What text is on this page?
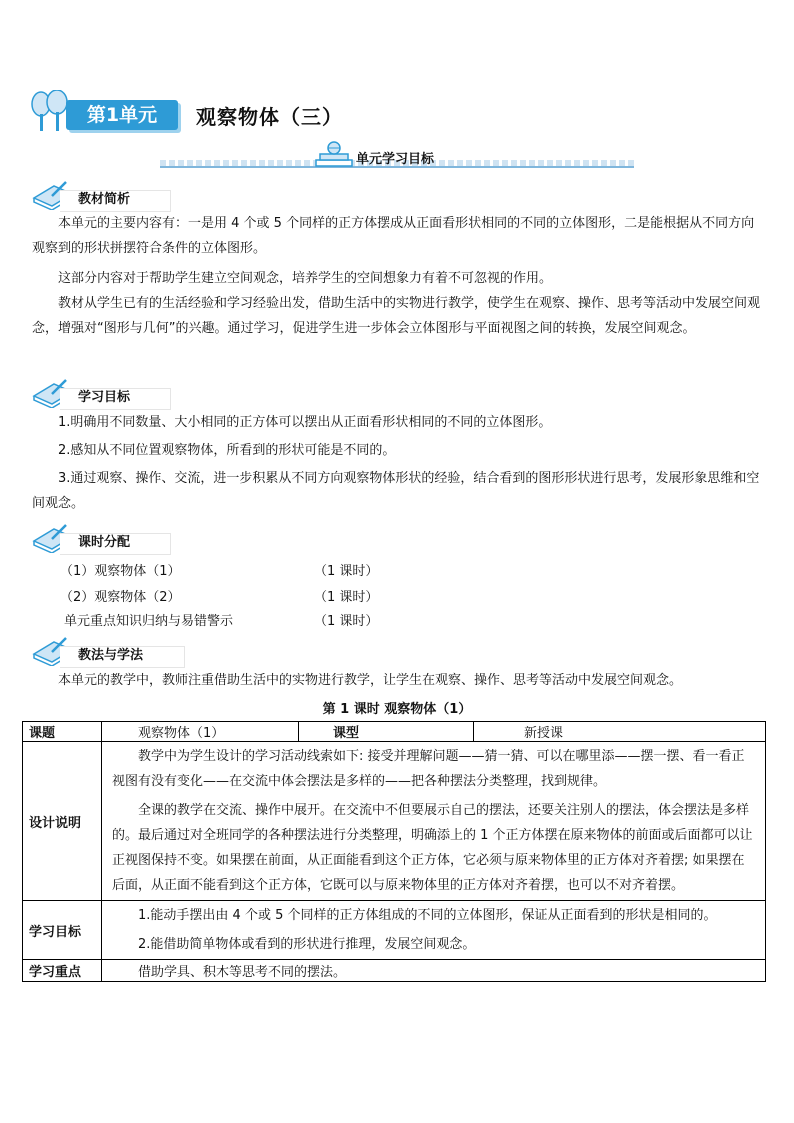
第1单元	观察物体（三）
单元学习目标
教材简析
本单元的主要内容有：一是用 4 个或 5 个同样的正方体摆成从正面看形状相同的不同的立体图形，二是能根据从不同方向观察到的形状拼摆符合条件的立体图形。
这部分内容对于帮助学生建立空间观念，培养学生的空间想象力有着不可忽视的作用。
教材从学生已有的生活经验和学习经验出发，借助生活中的实物进行教学，使学生在观察、操作、思考等活动中发展空间观念，增强对“图形与几何”的兴趣。通过学习，促进学生进一步体会立体图形与平面视图之间的转换，发展空间观念。
学习目标
1.明确用不同数量、大小相同的正方体可以摆出从正面看形状相同的不同的立体图形。
2.感知从不同位置观察物体，所看到的形状可能是不同的。
3.通过观察、操作、交流，进一步积累从不同方向观察物体形状的经验，结合看到的图形形状进行思考，发展形象思维和空间观念。
课时分配
（1）观察物体（1）	（1 课时）
（2）观察物体（2）	（1 课时）
单元重点知识归纳与易错警示	（1 课时）
教法与学法
本单元的教学中，教师注重借助生活中的实物进行教学，让学生在观察、操作、思考等活动中发展空间观念。
第 1 课时 观察物体（1）
课题	观察物体（1）	课型	新授课
设计说明	教学中为学生设计的学习活动线索如下: 接受并理解问题——猜一猜、可以在哪里添——摆一摆、看一看正视图有没有变化——在交流中体会摆法是多样的——把各种摆法分类整理，找到规律。
全课的教学在交流、操作中展开。在交流中不但要展示自己的摆法，还要关注别人的摆法，体会摆法是多样的。最后通过对全班同学的各种摆法进行分类整理，明确添上的 1 个正方体摆在原来物体的前面或后面都可以让正视图保持不变。如果摆在前面，从正面能看到这个正方体，它必须与原来物体里的正方体对齐着摆; 如果摆在后面，从正面不能看到这个正方体，它既可以与原来物体里的正方体对齐着摆，也可以不对齐着摆。		

学习目标	1.能动手摆出由 4 个或 5 个同样的正方体组成的不同的立体图形，保证从正面看到的形状是相同的。
2.能借助简单物体或看到的形状进行推理，发展空间观念。		

学习重点	借助学具、积木等思考不同的摆法。		
